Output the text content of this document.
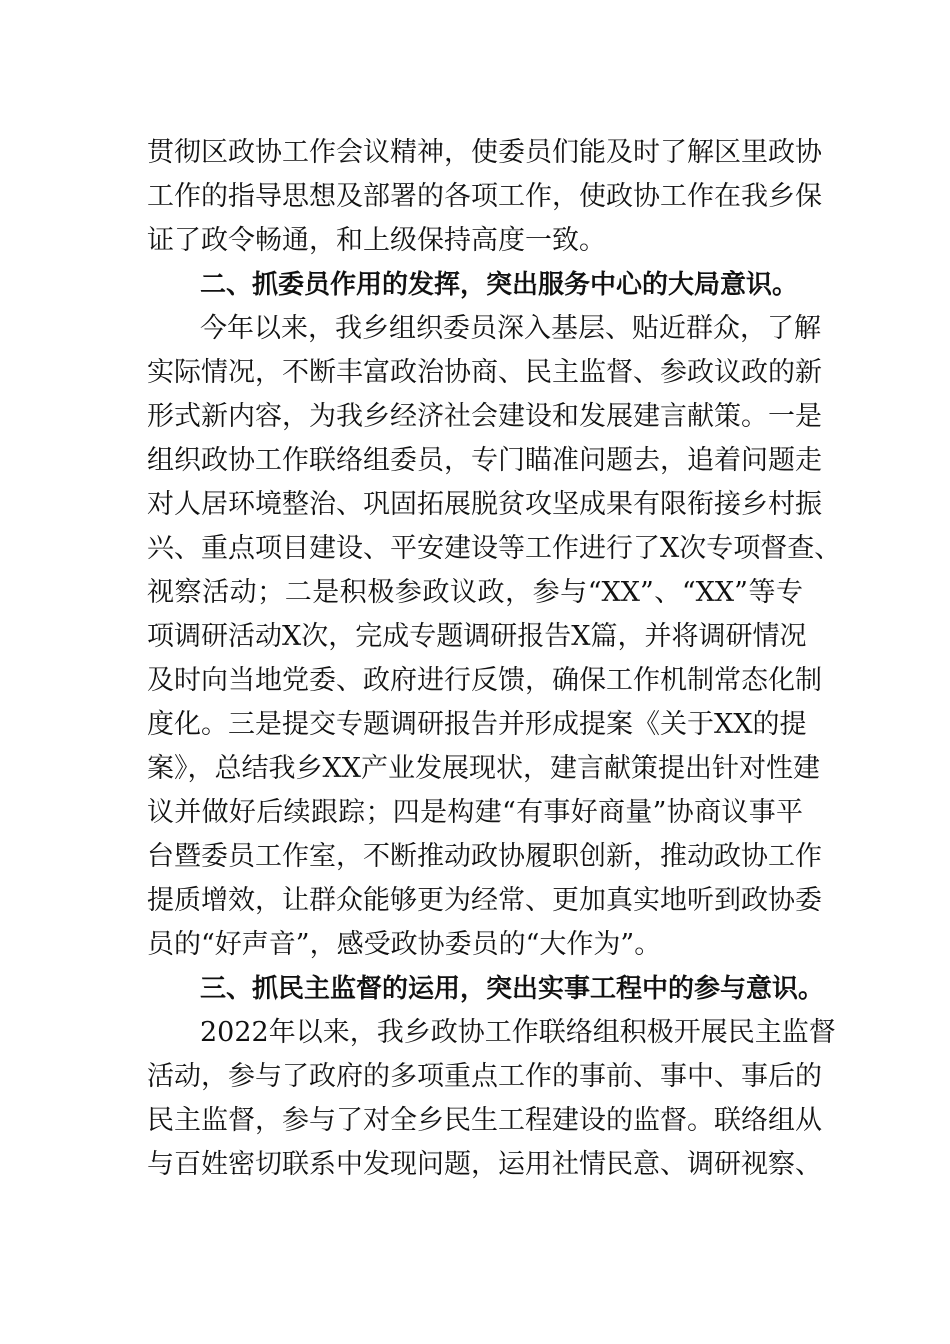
贯彻区政协工作会议精神，使委员们能及时了解区里政协
工作的指导思想及部署的各项工作，使政协工作在我乡保
证了政令畅通，和上级保持高度一致。
二、抓委员作用的发挥，突出服务中心的大局意识。
今年以来，我乡组织委员深入基层、贴近群众，了解
实际情况，不断丰富政治协商、民主监督、参政议政的新
形式新内容，为我乡经济社会建设和发展建言献策。一是
组织政协工作联络组委员，专门瞄准问题去，追着问题走
对人居环境整治、巩固拓展脱贫攻坚成果有限衔接乡村振
兴、重点项目建设、平安建设等工作进行了X次专项督查、
视察活动；二是积极参政议政，参与“XX”、“XX”等专
项调研活动X次，完成专题调研报告X篇，并将调研情况
及时向当地党委、政府进行反馈，确保工作机制常态化制
度化。三是提交专题调研报告并形成提案《关于XX的提
案》，总结我乡XX产业发展现状，建言献策提出针对性建
议并做好后续跟踪；四是构建“有事好商量”协商议事平
台暨委员工作室，不断推动政协履职创新，推动政协工作
提质增效，让群众能够更为经常、更加真实地听到政协委
员的“好声音”，感受政协委员的“大作为”。
三、抓民主监督的运用，突出实事工程中的参与意识。
2022年以来，我乡政协工作联络组积极开展民主监督
活动，参与了政府的多项重点工作的事前、事中、事后的
民主监督，参与了对全乡民生工程建设的监督。联络组从
与百姓密切联系中发现问题，运用社情民意、调研视察、
